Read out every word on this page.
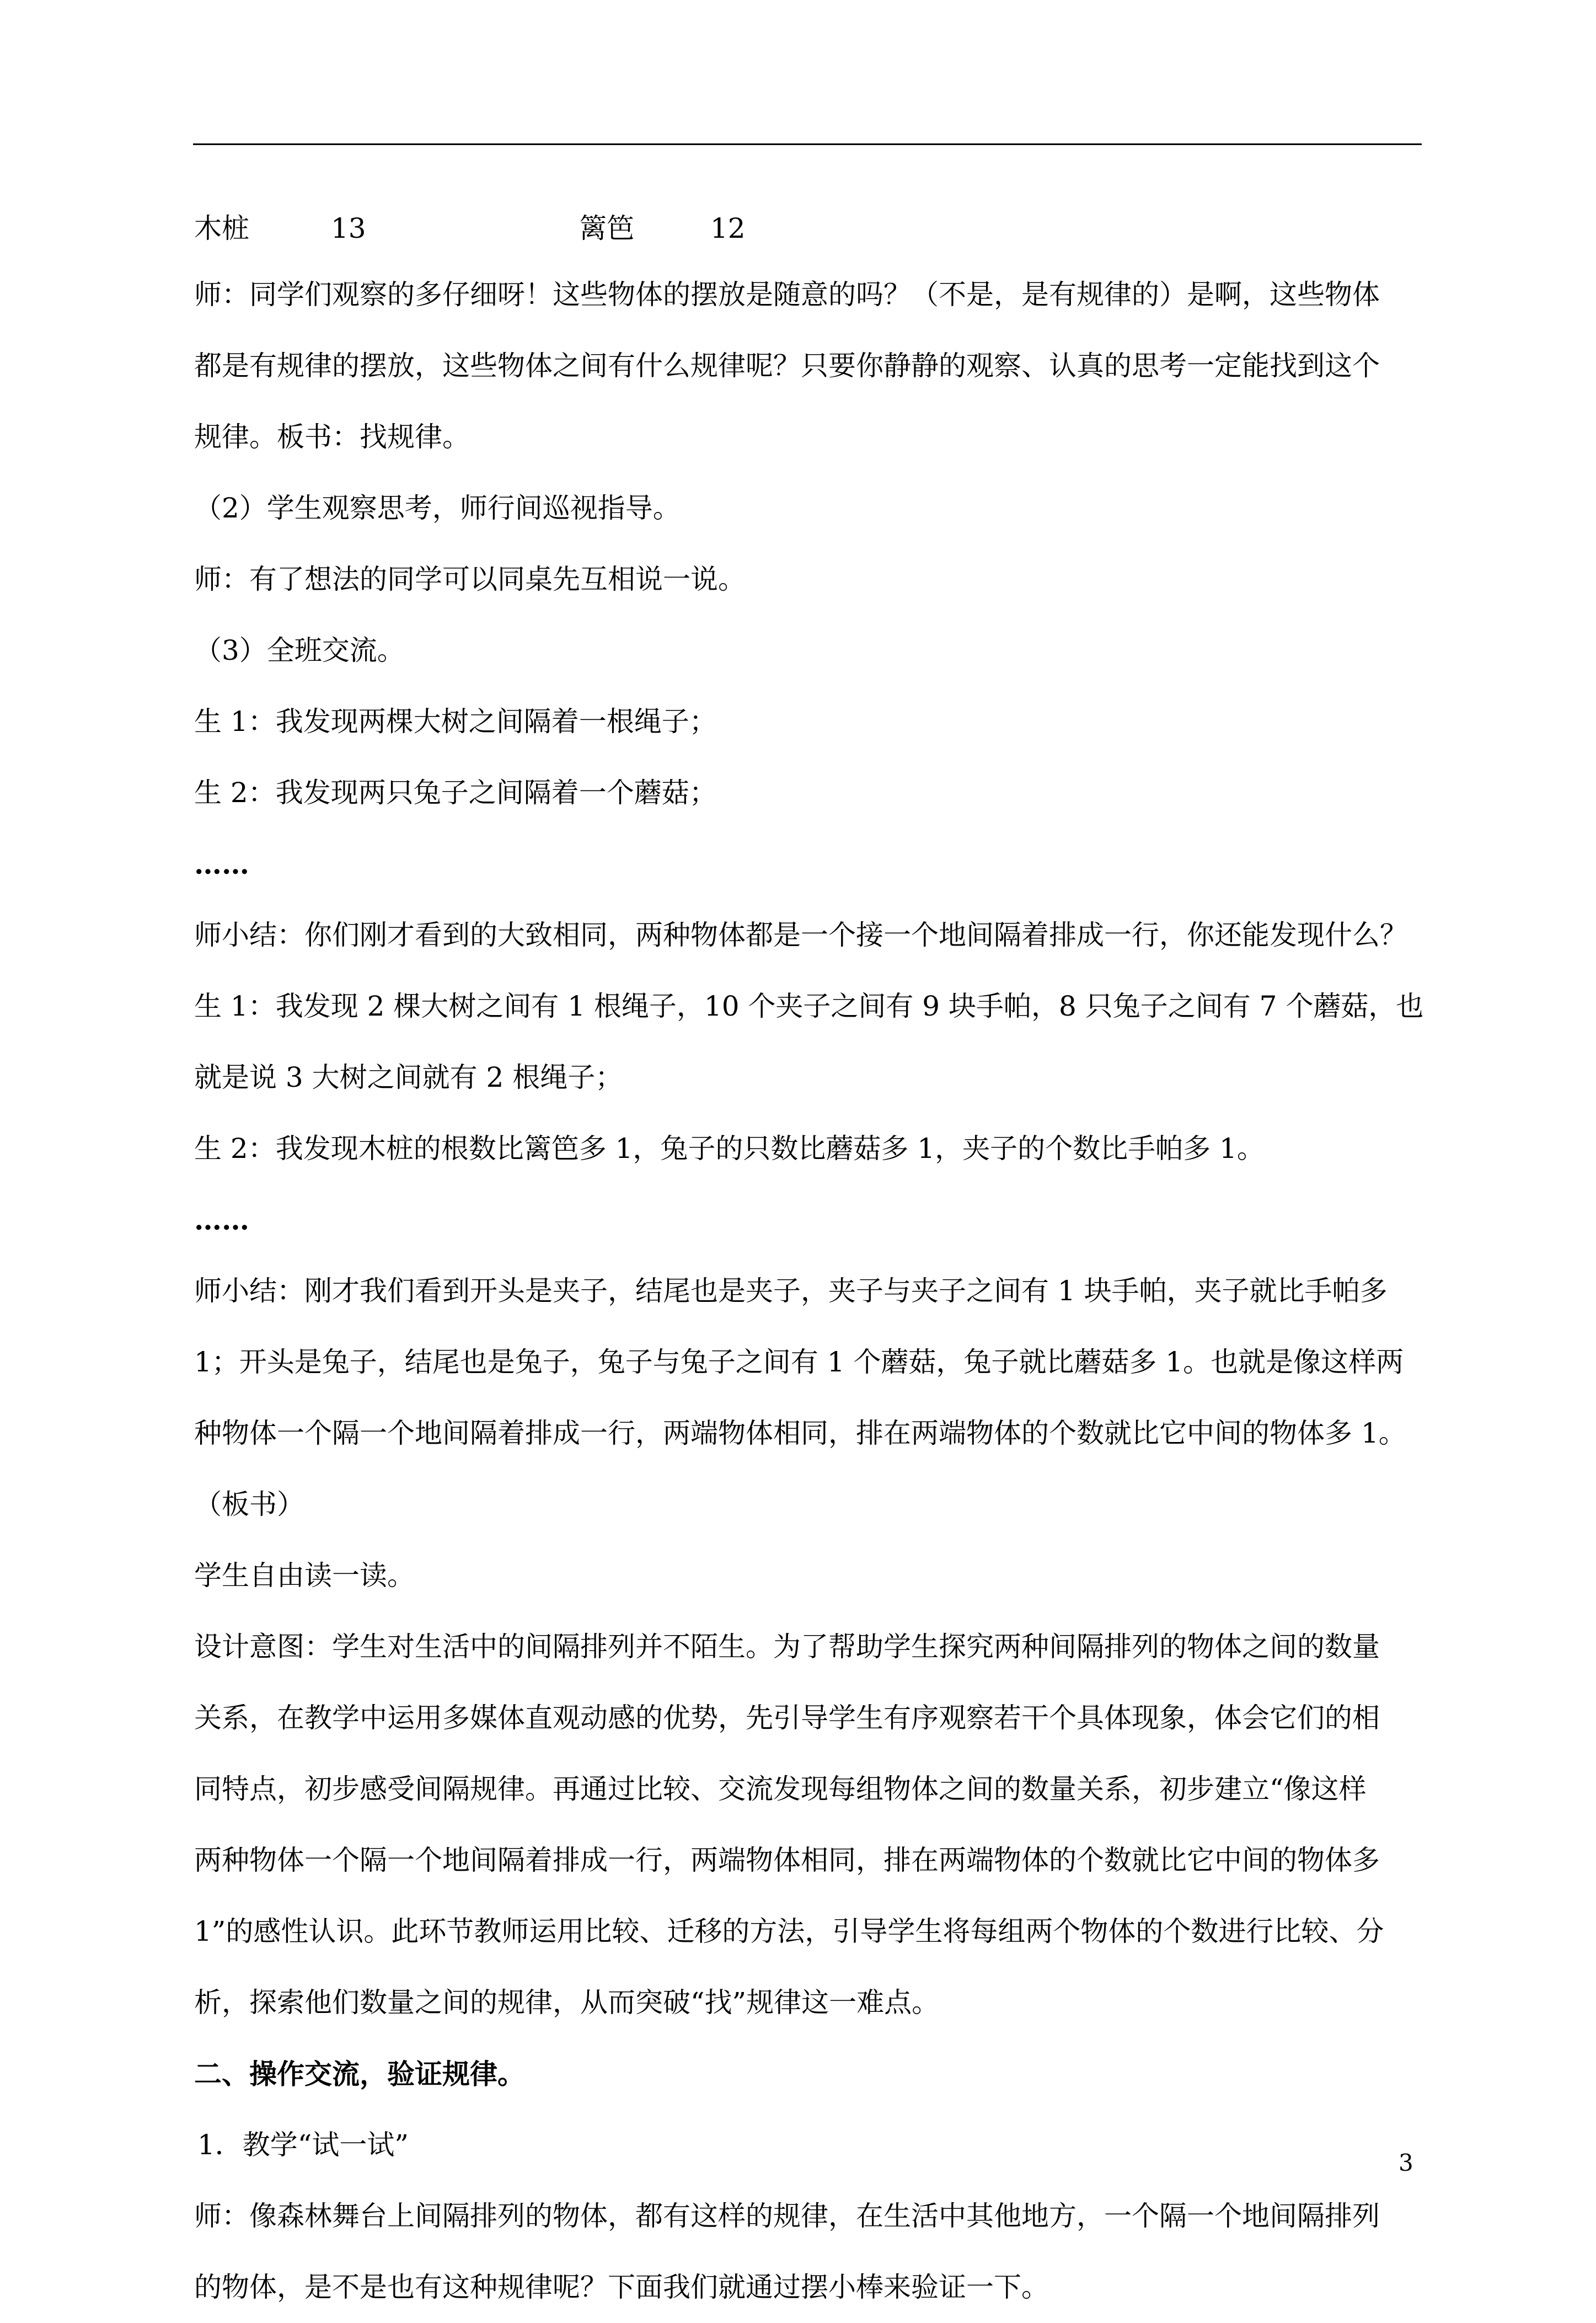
木桩	13	篱笆	12

师：同学们观察的多仔细呀！这些物体的摆放是随意的吗？（不是，是有规律的）是啊，这些物体

都是有规律的摆放，这些物体之间有什么规律呢？只要你静静的观察、认真的思考一定能找到这个

规律。板书：找规律。

（2）学生观察思考，师行间巡视指导。

师：有了想法的同学可以同桌先互相说一说。

（3）全班交流。

生 1：我发现两棵大树之间隔着一根绳子；

生 2：我发现两只兔子之间隔着一个蘑菇；

……

师小结：你们刚才看到的大致相同，两种物体都是一个接一个地间隔着排成一行，你还能发现什么？

生 1：我发现 2 棵大树之间有 1 根绳子，10 个夹子之间有 9 块手帕，8 只兔子之间有 7 个蘑菇，也

就是说 3 大树之间就有 2 根绳子；

生 2：我发现木桩的根数比篱笆多 1，兔子的只数比蘑菇多 1，夹子的个数比手帕多 1。

……

师小结：刚才我们看到开头是夹子，结尾也是夹子，夹子与夹子之间有 1 块手帕，夹子就比手帕多

1；开头是兔子，结尾也是兔子，兔子与兔子之间有 1 个蘑菇，兔子就比蘑菇多 1。也就是像这样两

种物体一个隔一个地间隔着排成一行，两端物体相同，排在两端物体的个数就比它中间的物体多 1。

（板书）

学生自由读一读。

设计意图：学生对生活中的间隔排列并不陌生。为了帮助学生探究两种间隔排列的物体之间的数量

关系，在教学中运用多媒体直观动感的优势，先引导学生有序观察若干个具体现象，体会它们的相

同特点，初步感受间隔规律。再通过比较、交流发现每组物体之间的数量关系，初步建立“像这样

两种物体一个隔一个地间隔着排成一行，两端物体相同，排在两端物体的个数就比它中间的物体多

1”的感性认识。此环节教师运用比较、迁移的方法，引导学生将每组两个物体的个数进行比较、分

析，探索他们数量之间的规律，从而突破“找”规律这一难点。

二、操作交流，验证规律。

1．教学“试一试”

师：像森林舞台上间隔排列的物体，都有这样的规律，在生活中其他地方，一个隔一个地间隔排列

的物体，是不是也有这种规律呢？下面我们就通过摆小棒来验证一下。

3
